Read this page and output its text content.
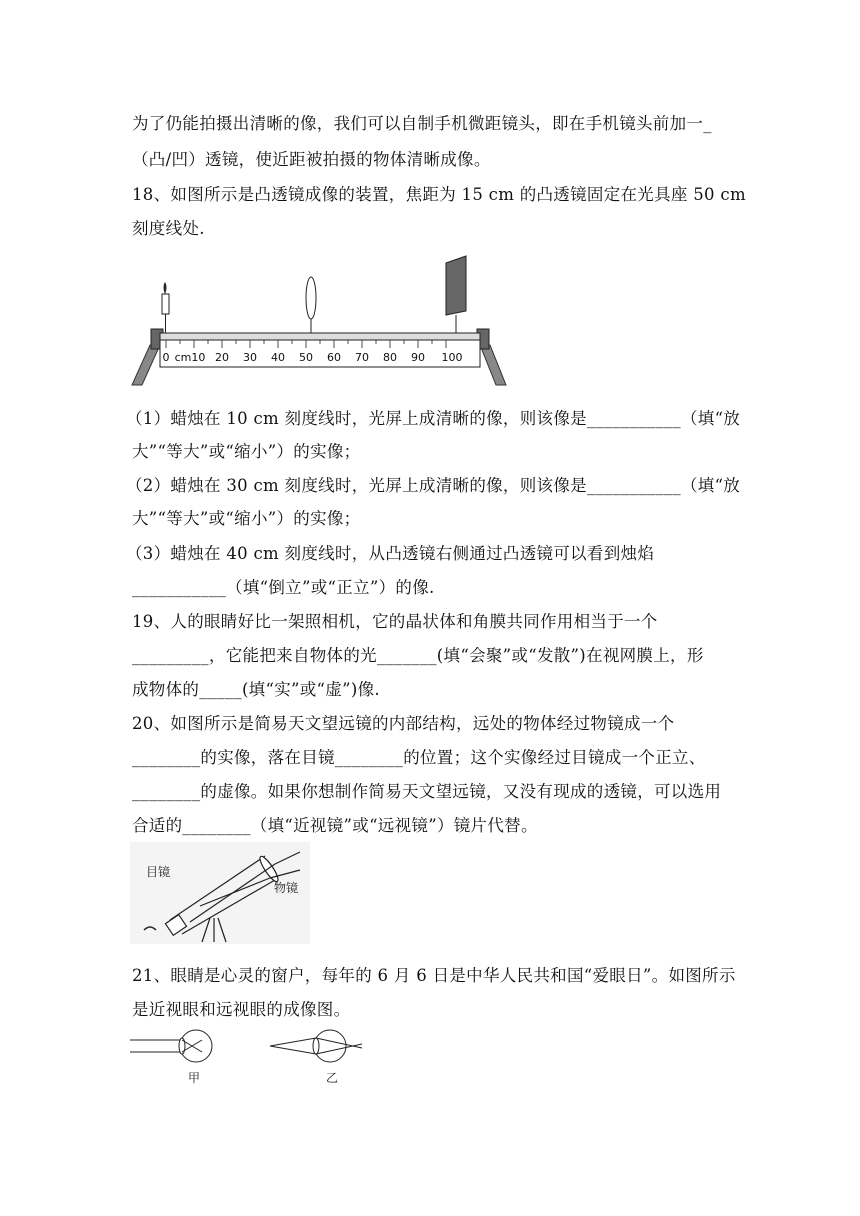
为了仍能拍摄出清晰的像，我们可以自制手机微距镜头，即在手机镜头前加一_
（凸/凹）透镜，使近距被拍摄的物体清晰成像。
18、如图所示是凸透镜成像的装置，焦距为 15 cm 的凸透镜固定在光具座 50 cm
刻度线处.
0 cm10 20 30 40 50 60 70 80 90 100
（1）蜡烛在 10 cm 刻度线时，光屏上成清晰的像，则该像是___________（填“放
大”“等大”或“缩小”）的实像；
（2）蜡烛在 30 cm 刻度线时，光屏上成清晰的像，则该像是___________（填“放
大”“等大”或“缩小”）的实像；
（3）蜡烛在 40 cm 刻度线时，从凸透镜右侧通过凸透镜可以看到烛焰
___________（填“倒立”或“正立”）的像.
19、人的眼睛好比一架照相机，它的晶状体和角膜共同作用相当于一个
_________，它能把来自物体的光_______(填“会聚”或“发散”)在视网膜上，形
成物体的_____(填“实”或“虚”)像.
20、如图所示是简易天文望远镜的内部结构，远处的物体经过物镜成一个
________的实像，落在目镜________的位置；这个实像经过目镜成一个正立、
________的虚像。如果你想制作简易天文望远镜，又没有现成的透镜，可以选用
合适的________（填“近视镜”或“远视镜”）镜片代替。
目镜
物镜
21、眼睛是心灵的窗户，每年的 6 月 6 日是中华人民共和国“爱眼日”。如图所示
是近视眼和远视眼的成像图。
甲	乙
